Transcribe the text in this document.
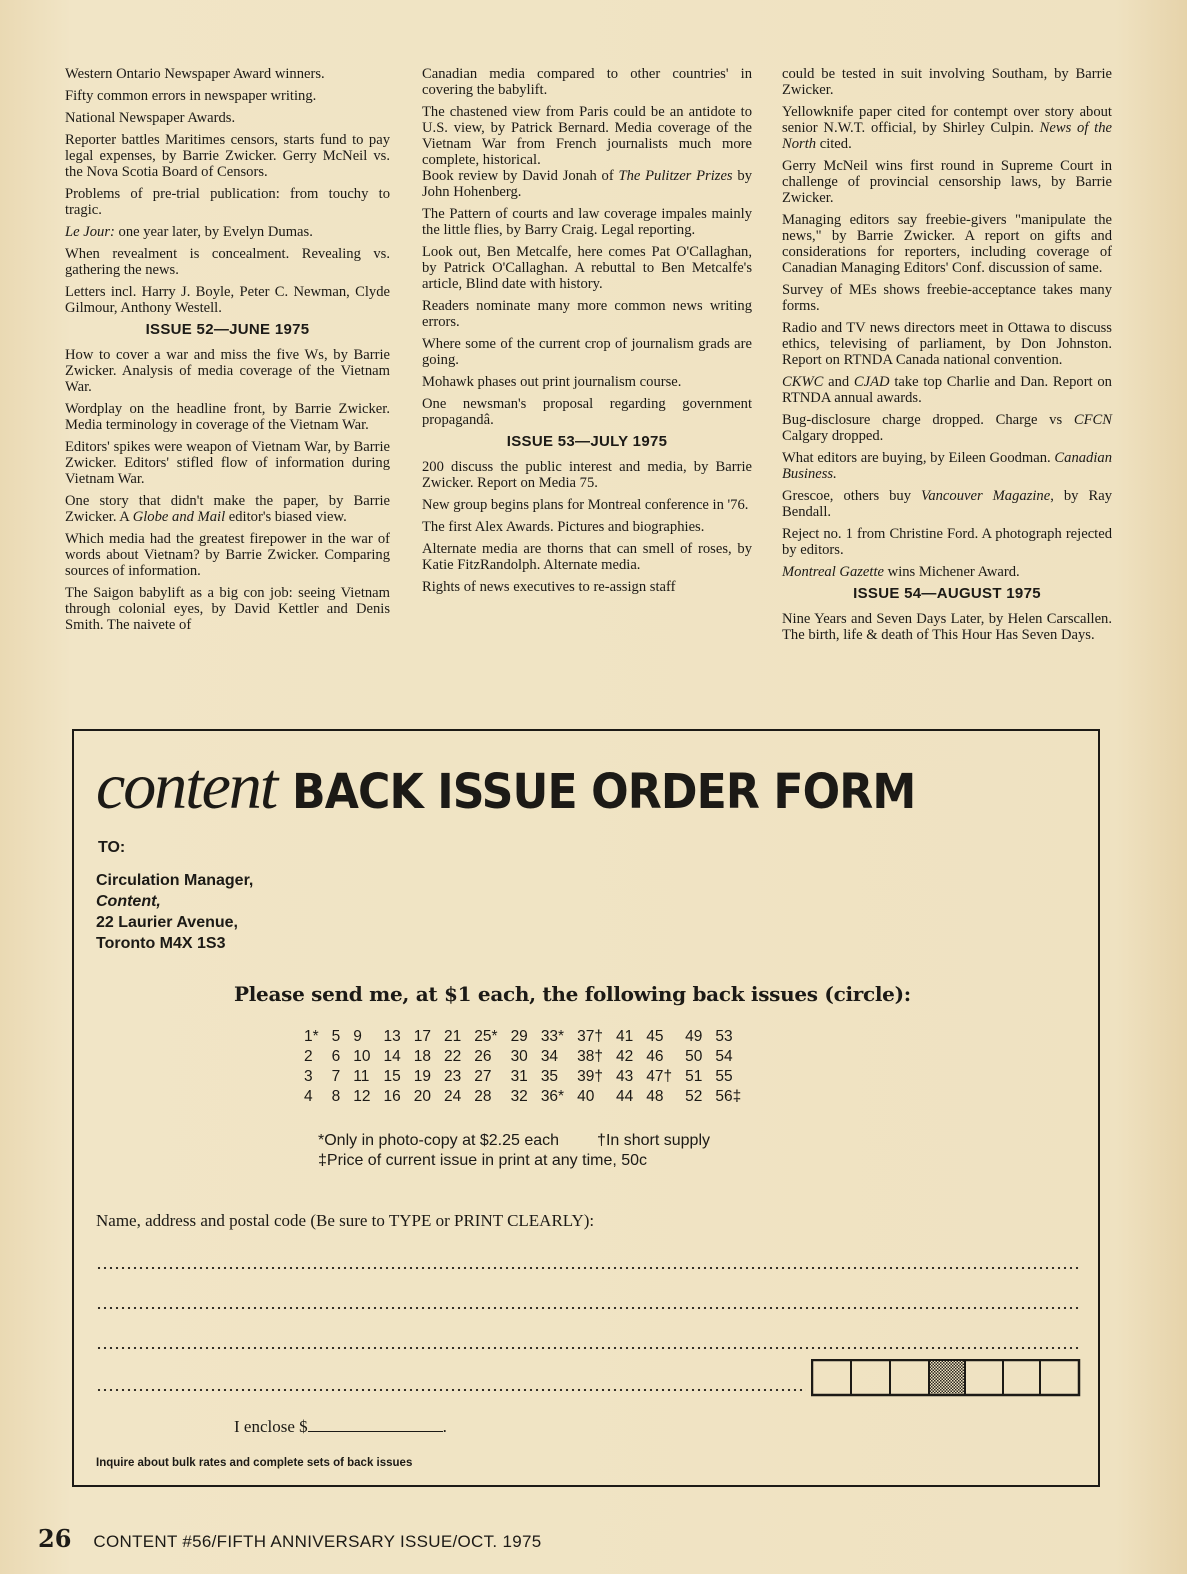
Western Ontario Newspaper Award winners.

Fifty common errors in newspaper writing.

National Newspaper Awards.

Reporter battles Maritimes censors, starts fund to pay legal expenses, by Barrie Zwicker. Gerry McNeil vs. the Nova Scotia Board of Censors.

Problems of pre-trial publication: from touchy to tragic.

Le Jour: one year later, by Evelyn Dumas.

When revealment is concealment. Revealing vs. gathering the news.

Letters incl. Harry J. Boyle, Peter C. Newman, Clyde Gilmour, Anthony Westell.

ISSUE 52—JUNE 1975

How to cover a war and miss the five Ws, by Barrie Zwicker. Analysis of media coverage of the Vietnam War.

Wordplay on the headline front, by Barrie Zwicker. Media terminology in coverage of the Vietnam War.

Editors' spikes were weapon of Vietnam War, by Barrie Zwicker. Editors' stifled flow of information during Vietnam War.

One story that didn't make the paper, by Barrie Zwicker. A Globe and Mail editor's biased view.

Which media had the greatest firepower in the war of words about Vietnam? by Barrie Zwicker. Comparing sources of information.

The Saigon babylift as a big con job: seeing Vietnam through colonial eyes, by David Kettler and Denis Smith. The naivete of

Canadian media compared to other countries' in covering the babylift.

The chastened view from Paris could be an antidote to U.S. view, by Patrick Bernard. Media coverage of the Vietnam War from French journalists much more complete, historical.

Book review by David Jonah of The Pulitzer Prizes by John Hohenberg.

The Pattern of courts and law coverage impales mainly the little flies, by Barry Craig. Legal reporting.

Look out, Ben Metcalfe, here comes Pat O'Callaghan, by Patrick O'Callaghan. A rebuttal to Ben Metcalfe's article, Blind date with history.

Readers nominate many more common news writing errors.

Where some of the current crop of journalism grads are going.

Mohawk phases out print journalism course.

One newsman's proposal regarding government propagandâ.

ISSUE 53—JULY 1975

200 discuss the public interest and media, by Barrie Zwicker. Report on Media 75.

New group begins plans for Montreal conference in '76.

The first Alex Awards. Pictures and biographies.

Alternate media are thorns that can smell of roses, by Katie FitzRandolph. Alternate media.

Rights of news executives to re-assign staff

could be tested in suit involving Southam, by Barrie Zwicker.

Yellowknife paper cited for contempt over story about senior N.W.T. official, by Shirley Culpin. News of the North cited.

Gerry McNeil wins first round in Supreme Court in challenge of provincial censorship laws, by Barrie Zwicker.

Managing editors say freebie-givers "manipulate the news," by Barrie Zwicker. A report on gifts and considerations for reporters, including coverage of Canadian Managing Editors' Conf. discussion of same.

Survey of MEs shows freebie-acceptance takes many forms.

Radio and TV news directors meet in Ottawa to discuss ethics, televising of parliament, by Don Johnston. Report on RTNDA Canada national convention.

CKWC and CJAD take top Charlie and Dan. Report on RTNDA annual awards.

Bug-disclosure charge dropped. Charge vs CFCN Calgary dropped.

What editors are buying, by Eileen Goodman. Canadian Business.

Grescoe, others buy Vancouver Magazine, by Ray Bendall.

Reject no. 1 from Christine Ford. A photograph rejected by editors.

Montreal Gazette wins Michener Award.

ISSUE 54—AUGUST 1975

Nine Years and Seven Days Later, by Helen Carscallen. The birth, life & death of This Hour Has Seven Days.

content BACK ISSUE ORDER FORM
TO:
Circulation Manager,
Content,
22 Laurier Avenue,
Toronto M4X 1S3
Please send me, at $1 each, the following back issues (circle):
1*	5	9	13	17	21	25*	29	33*	37†	41	45	49	53
2	6	10	14	18	22	26	30	34	38†	42	46	50	54
3	7	11	15	19	23	27	31	35	39†	43	47†	51	55
4	8	12	16	20	24	28	32	36*	40	44	48	52	56‡
*Only in photo-copy at $2.25 each †In short supply
‡Price of current issue in print at any time, 50c
Name, address and postal code (Be sure to TYPE or PRINT CLEARLY):
I enclose $	.
Inquire about bulk rates and complete sets of back issues
26 CONTENT #56/FIFTH ANNIVERSARY ISSUE/OCT. 1975
